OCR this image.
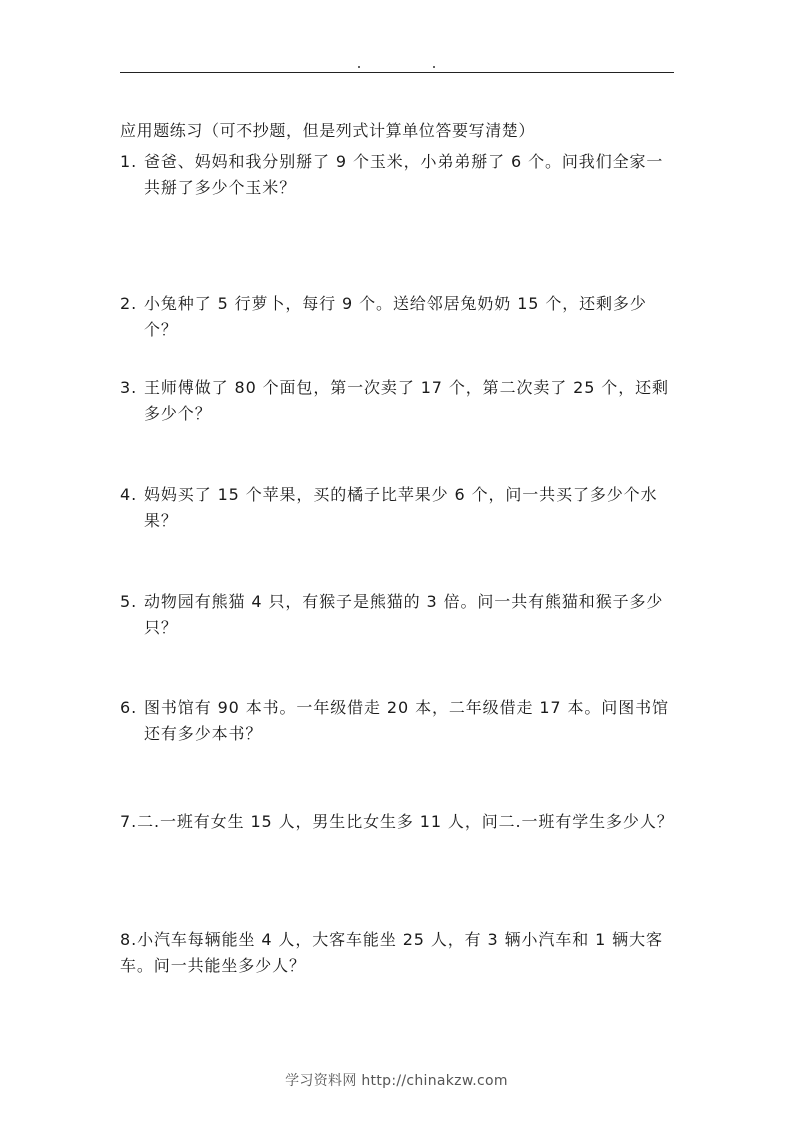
应用题练习（可不抄题，但是列式计算单位答要写清楚）

1. 爸爸、妈妈和我分别掰了 9 个玉米，小弟弟掰了 6 个。问我们全家一共掰了多少个玉米？
2. 小兔种了 5 行萝卜，每行 9 个。送给邻居兔奶奶 15 个，还剩多少个？
3. 王师傅做了 80 个面包，第一次卖了 17 个，第二次卖了 25 个，还剩多少个？
4. 妈妈买了 15 个苹果，买的橘子比苹果少 6 个，问一共买了多少个水果？
5. 动物园有熊猫 4 只，有猴子是熊猫的 3 倍。问一共有熊猫和猴子多少只？
6. 图书馆有 90 本书。一年级借走 20 本，二年级借走 17 本。问图书馆还有多少本书？
7.二.一班有女生 15 人，男生比女生多 11 人，问二.一班有学生多少人？
8.小汽车每辆能坐 4 人，大客车能坐 25 人，有 3 辆小汽车和 1 辆大客车。问一共能坐多少人？
学习资料网 http://chinakzw.com
